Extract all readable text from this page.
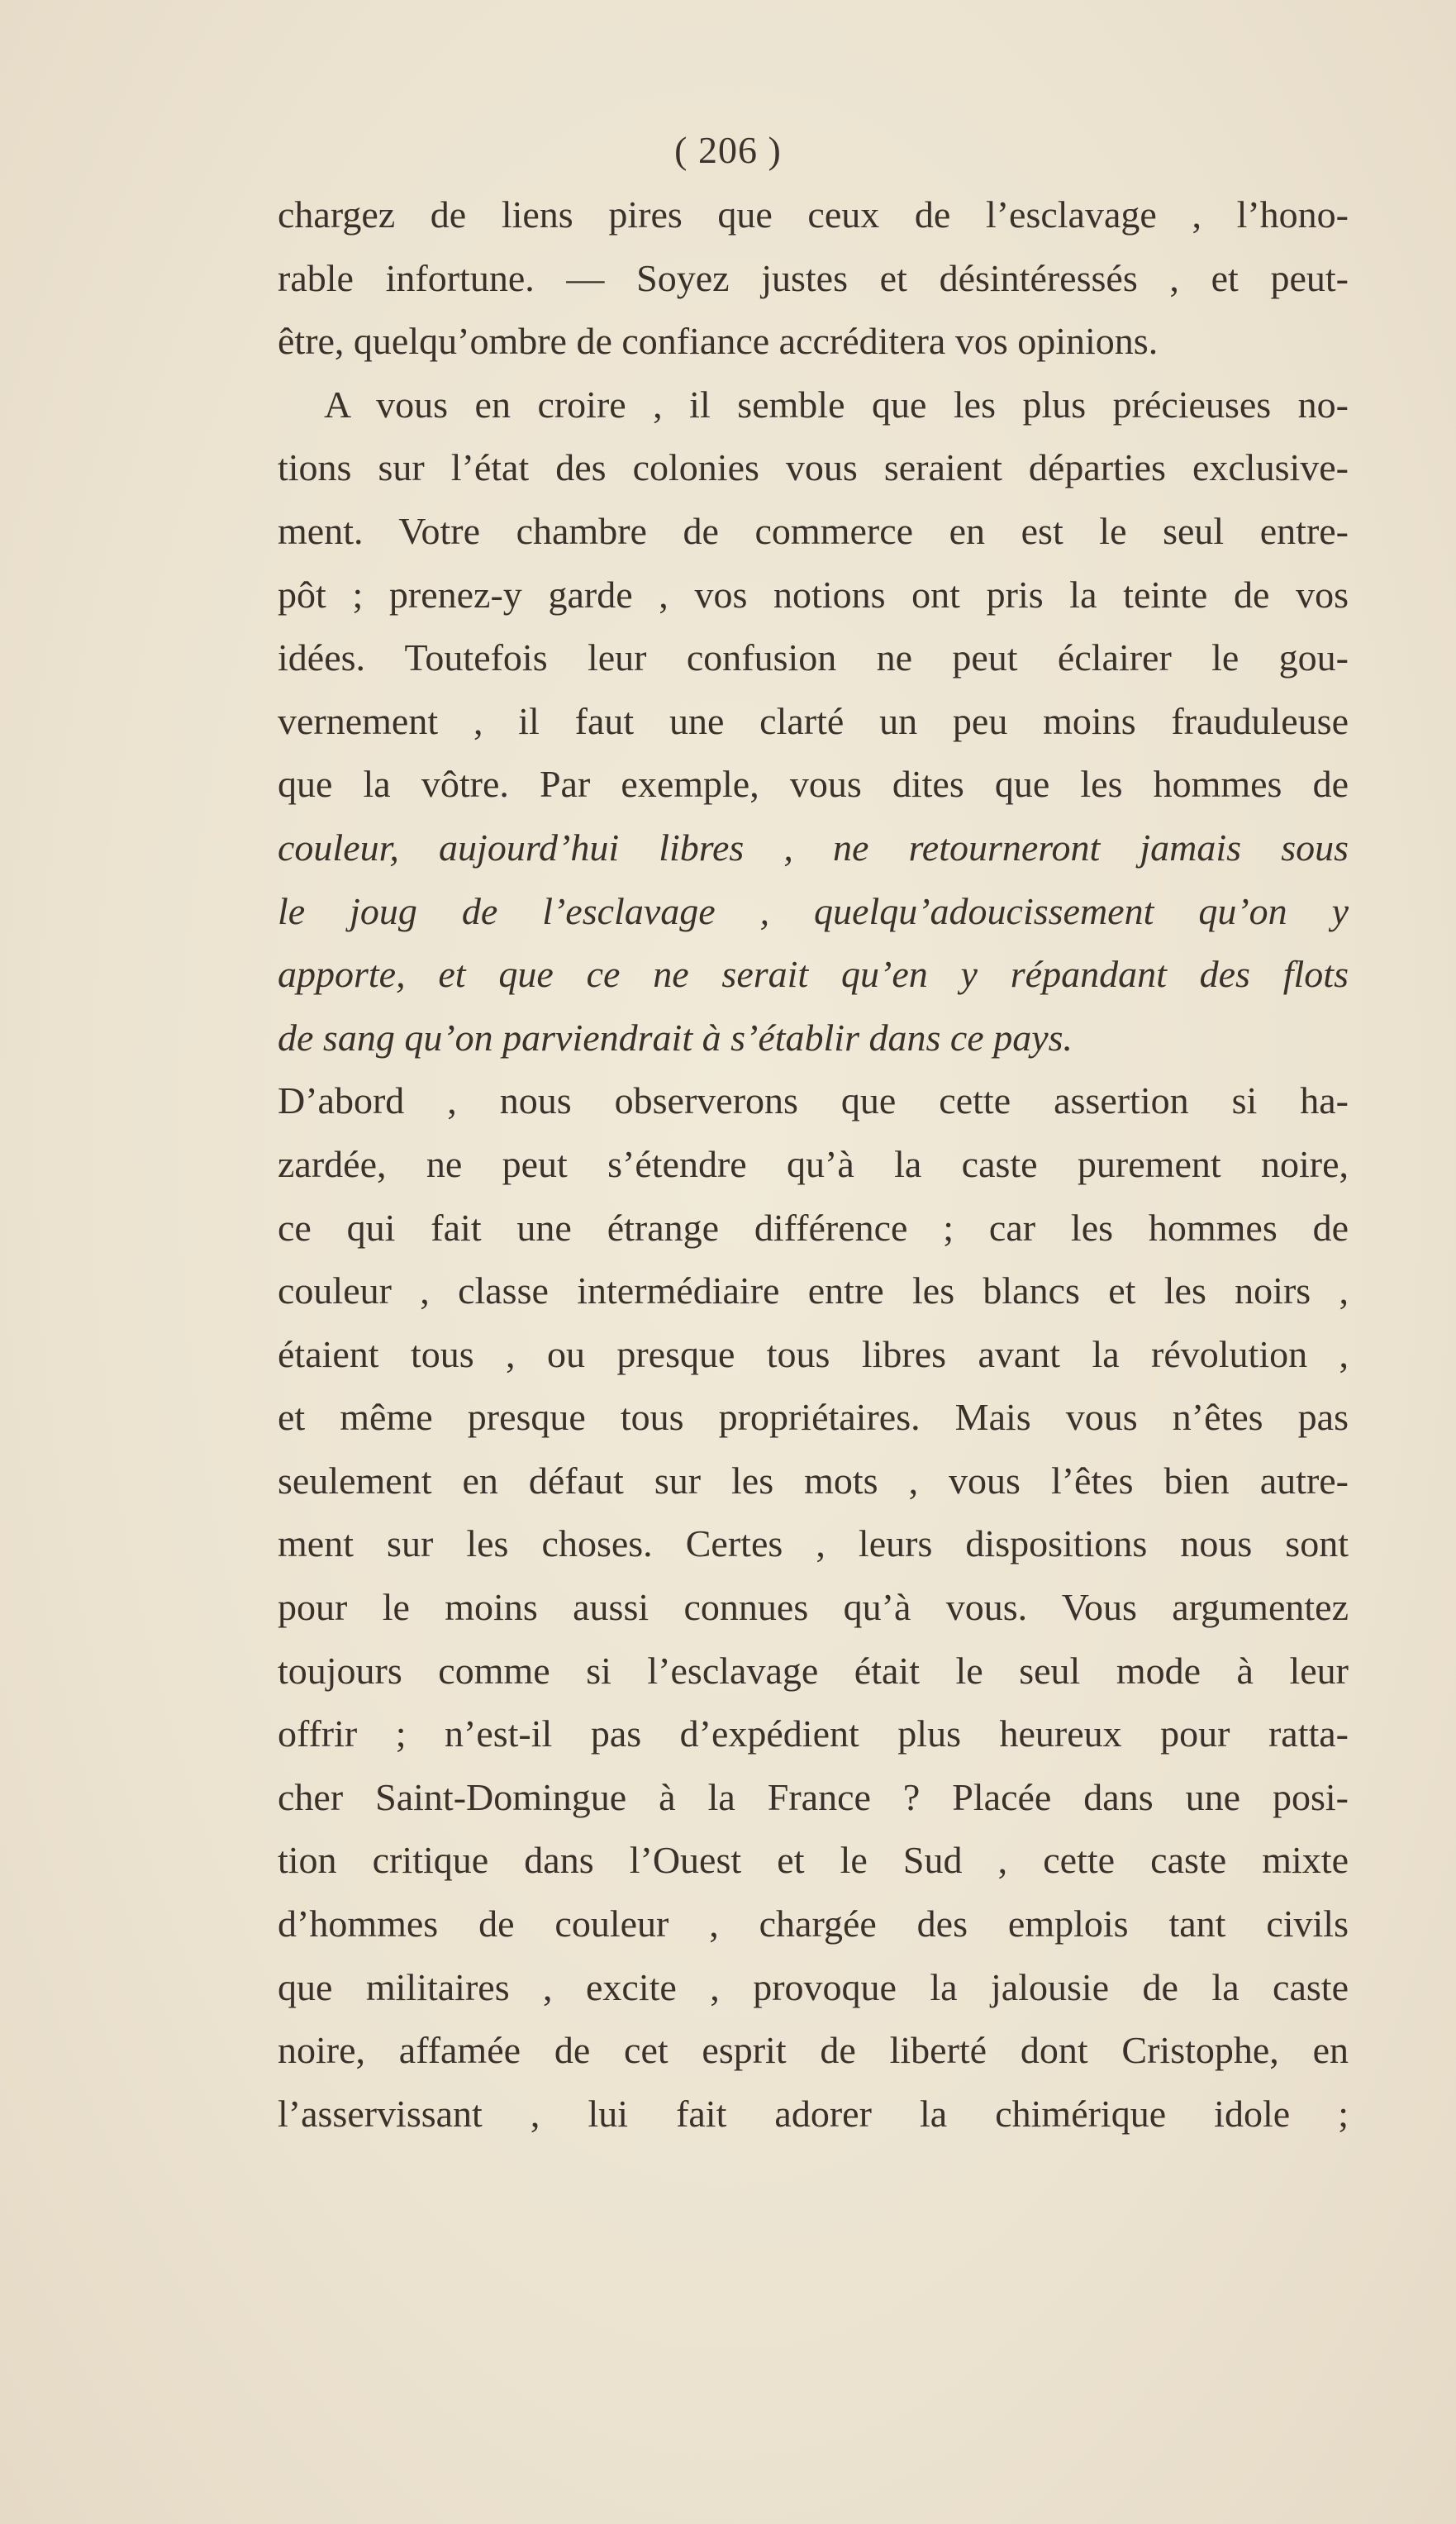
( 206 )
chargez de liens pires que ceux de l’esclavage , l’hono-
rable infortune. — Soyez justes et désintéressés , et peut-
être, quelqu’ombre de confiance accréditera vos opinions.
A vous en croire , il semble que les plus précieuses no-
tions sur l’état des colonies vous seraient départies exclusive-
ment. Votre chambre de commerce en est le seul entre-
pôt ; prenez-y garde , vos notions ont pris la teinte de vos
idées. Toutefois leur confusion ne peut éclairer le gou-
vernement , il faut une clarté un peu moins frauduleuse
que la vôtre. Par exemple, vous dites que les hommes de
couleur, aujourd’hui libres , ne retourneront jamais sous
le joug de l’esclavage , quelqu’adoucissement qu’on y
apporte, et que ce ne serait qu’en y répandant des flots
de sang qu’on parviendrait à s’établir dans ce pays.
D’abord , nous observerons que cette assertion si ha-
zardée, ne peut s’étendre qu’à la caste purement noire,
ce qui fait une étrange différence ; car les hommes de
couleur , classe intermédiaire entre les blancs et les noirs ,
étaient tous , ou presque tous libres avant la révolution ,
et même presque tous propriétaires. Mais vous n’êtes pas
seulement en défaut sur les mots , vous l’êtes bien autre-
ment sur les choses. Certes , leurs dispositions nous sont
pour le moins aussi connues qu’à vous. Vous argumentez
toujours comme si l’esclavage était le seul mode à leur
offrir ; n’est-il pas d’expédient plus heureux pour ratta-
cher Saint-Domingue à la France ? Placée dans une posi-
tion critique dans l’Ouest et le Sud , cette caste mixte
d’hommes de couleur , chargée des emplois tant civils
que militaires , excite , provoque la jalousie de la caste
noire, affamée de cet esprit de liberté dont Cristophe, en
l’asservissant , lui fait adorer la chimérique idole ;
